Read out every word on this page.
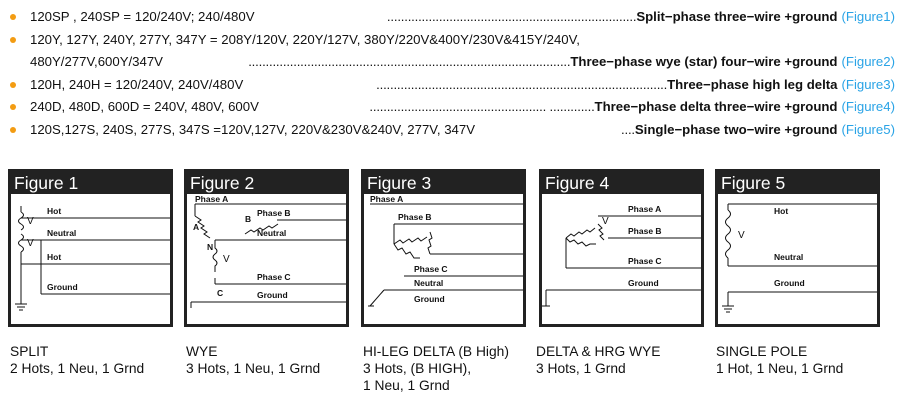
120SP , 240SP = 120/240V; 240/480V	........................................................................Split−phase three−wire +ground (Figure1)
120Y, 127Y, 240Y, 277Y, 347Y = 208Y/120V, 220Y/127V, 380Y/220V&400Y/230V&415Y/240V,
480Y/277V,600Y/347V	.............................................................................................Three−phase wye (star) four−wire +ground (Figure2)
120H, 240H = 120/240V, 240V/480V	....................................................................................Three−phase high leg delta (Figure3)
240D, 480D, 600D = 240V, 480V, 600V	................................................... .............Three−phase delta three−wire +ground (Figure4)
120S,127S, 240S, 277S, 347S =120V,127V, 220V&230V&240V, 277V, 347V	....Single−phase two−wire +ground (Figure5)
Figure 1
V
V
Hot
Neutral
Hot
Ground
Figure 2
Phase A
Phase B
Neutral
Phase C
Ground
A
B
N
C
V
Figure 3
Phase A
Phase B
Phase C
Neutral
Ground
Figure 4
Phase A
Phase B
Phase C
Ground
V
Figure 5
V
Hot
Neutral
Ground
SPLIT
2 Hots, 1 Neu, 1 Grnd
WYE
3 Hots, 1 Neu, 1 Grnd
HI-LEG DELTA (B High)
3 Hots, (B HIGH),
1 Neu, 1 Grnd
DELTA & HRG WYE
3 Hots, 1 Grnd
SINGLE POLE
1 Hot, 1 Neu, 1 Grnd
